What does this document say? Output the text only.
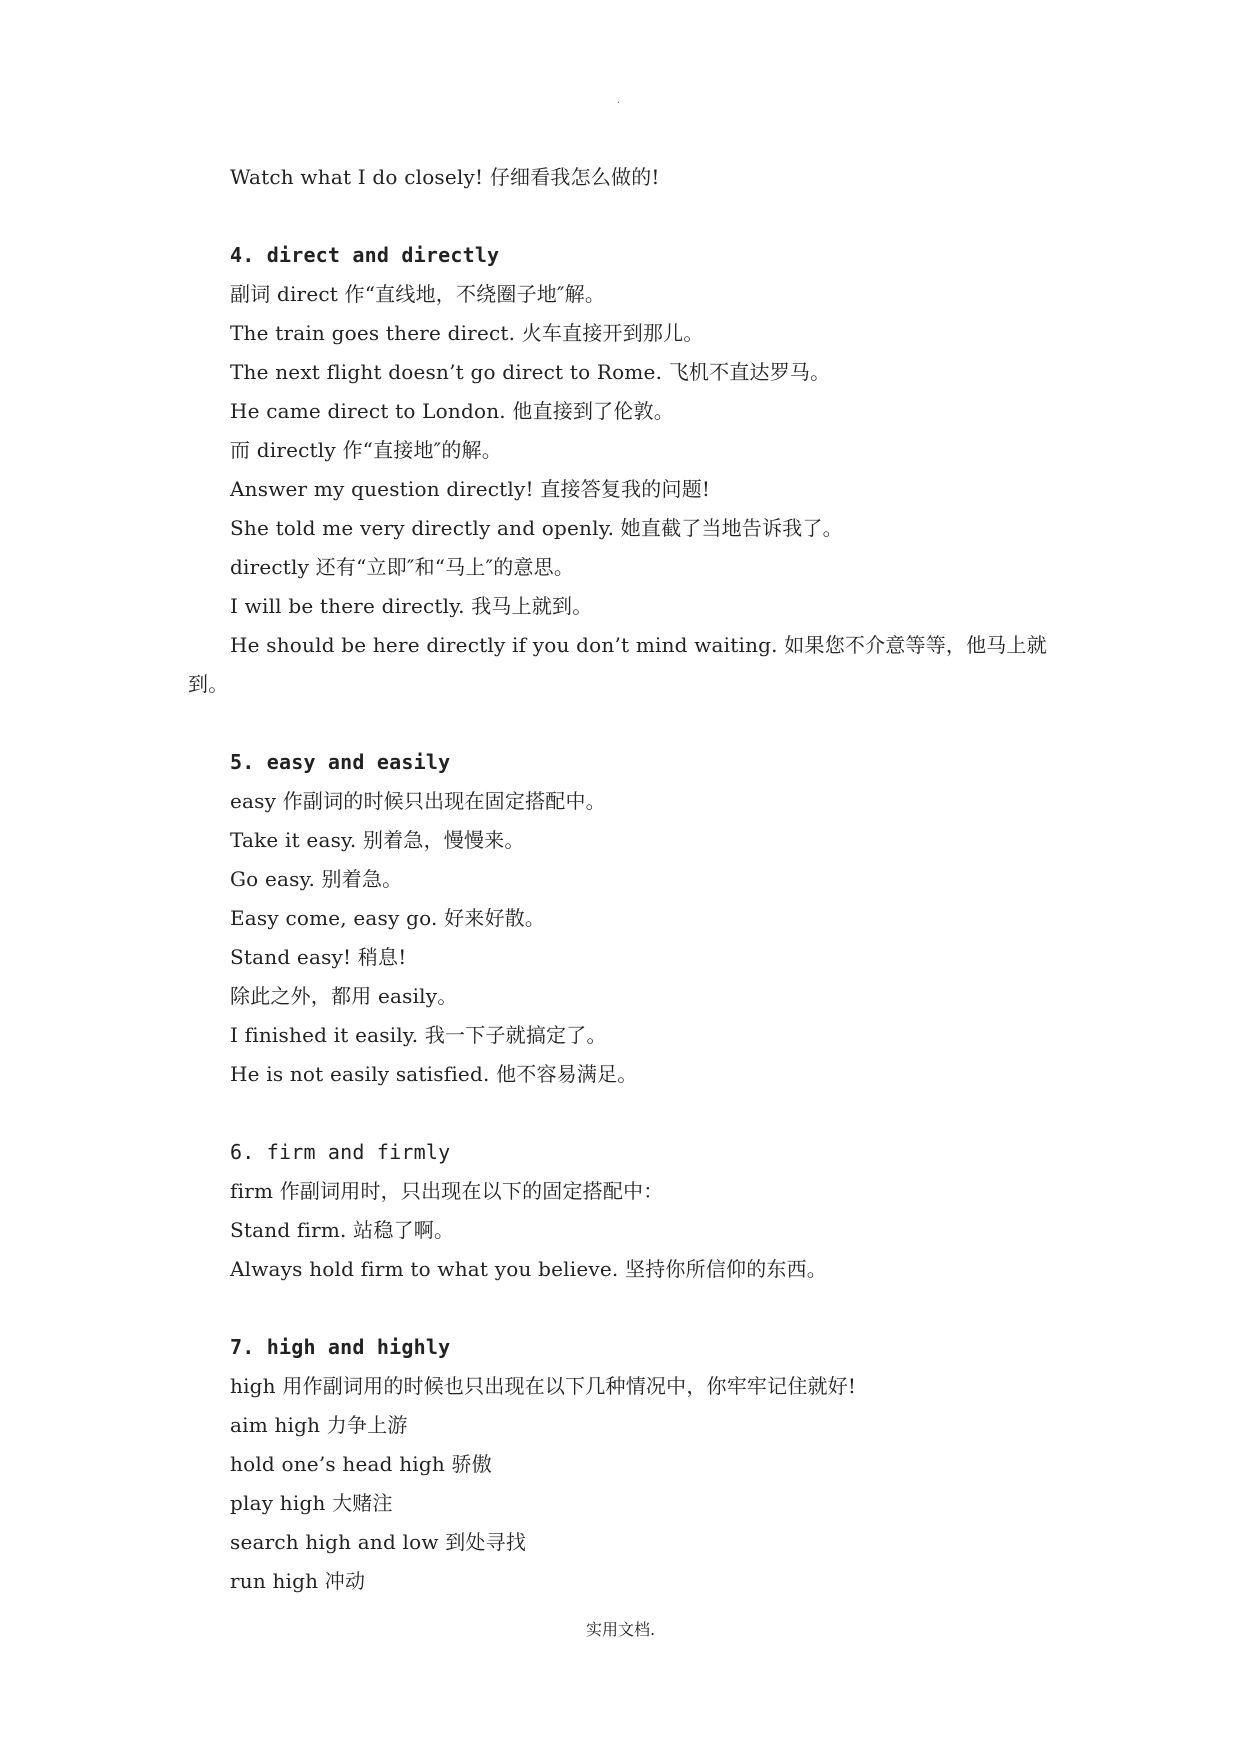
.

Watch what I do closely! 仔细看我怎么做的!

4. direct and directly

副词 direct 作“直线地，不绕圈子地″解。

The train goes there direct. 火车直接开到那儿。

The next flight doesn’t go direct to Rome. 飞机不直达罗马。

He came direct to London. 他直接到了伦敦。

而 directly 作“直接地″的解。

Answer my question directly! 直接答复我的问题!

She told me very directly and openly. 她直截了当地告诉我了。

directly 还有“立即″和“马上″的意思。

I will be there directly. 我马上就到。

He should be here directly if you don’t mind waiting. 如果您不介意等等，他马上就到。

5. easy and easily

easy 作副词的时候只出现在固定搭配中。

Take it easy. 别着急，慢慢来。

Go easy. 别着急。

Easy come, easy go. 好来好散。

Stand easy! 稍息!

除此之外，都用 easily。

I finished it easily. 我一下子就搞定了。

He is not easily satisfied. 他不容易满足。

6. firm and firmly

firm 作副词用时，只出现在以下的固定搭配中：

Stand firm. 站稳了啊。

Always hold firm to what you believe. 坚持你所信仰的东西。

7. high and highly

high 用作副词用的时候也只出现在以下几种情况中，你牢牢记住就好!

aim high 力争上游

hold one’s head high 骄傲

play high 大赌注

search high and low 到处寻找

run high 冲动

实用文档.
